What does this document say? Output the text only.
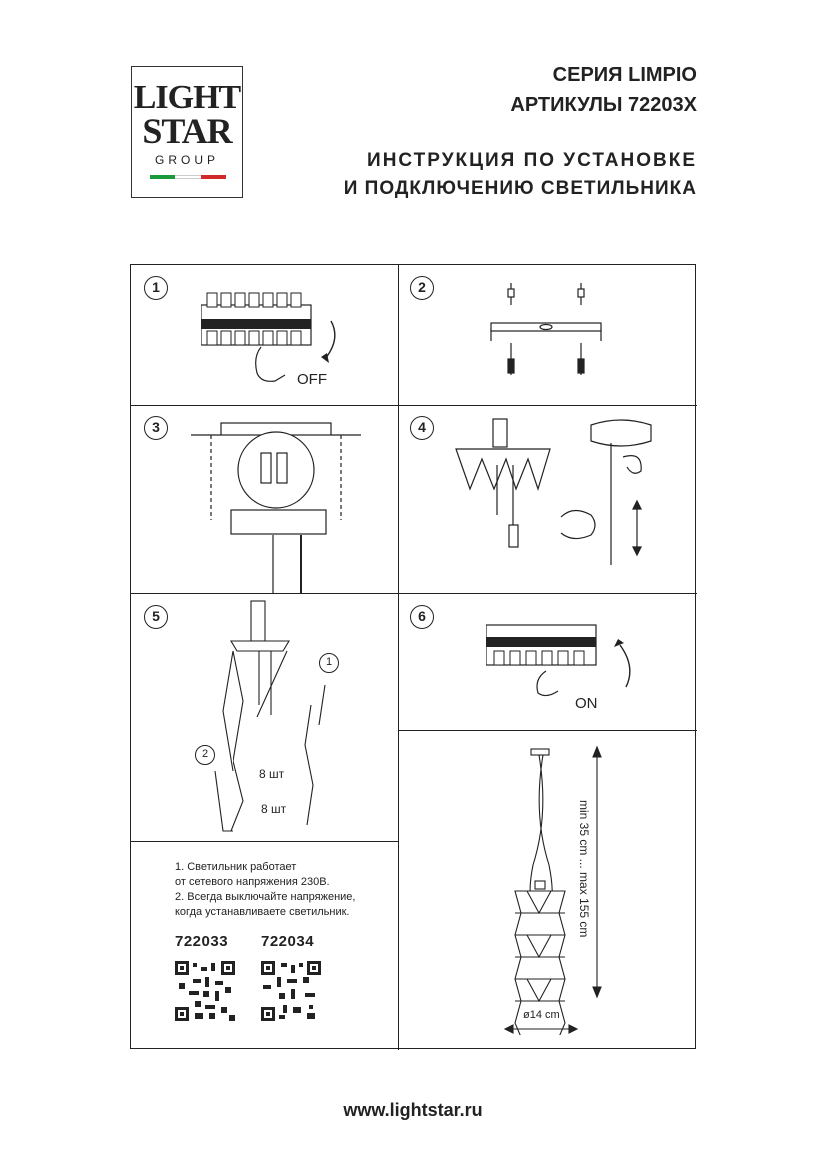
LIGHT
STAR
GROUP
СЕРИЯ LIMPIO
АРТИКУЛЫ 72203X
ИНСТРУКЦИЯ ПО УСТАНОВКЕ
И ПОДКЛЮЧЕНИЮ СВЕТИЛЬНИКА
1
OFF
2
3	4
5
1
2
8 шт
8 шт
6
ON
1. Светильник работает
от сетевого напряжения 230В.
2. Всегда выключайте напряжение,
когда устанавливаете светильник.
722033 722034
min 35 cm ... max 155 cm
ø14 cm
www.lightstar.ru
